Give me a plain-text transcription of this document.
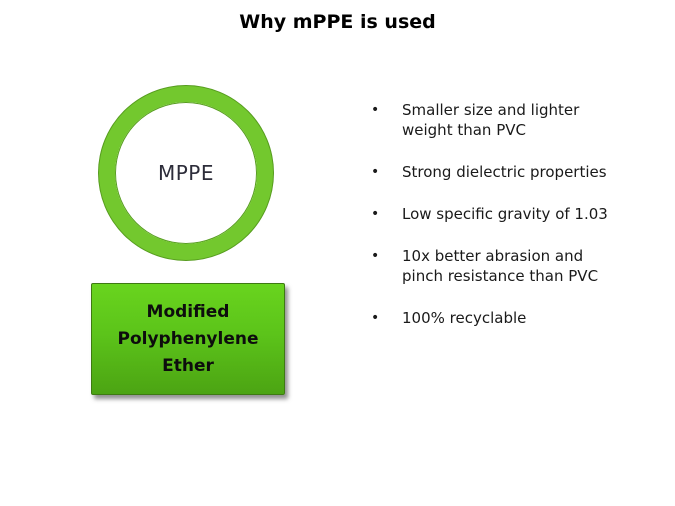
Why mPPE is used
MPPE
Modified
Polyphenylene
Ether
•	Smaller size and lighter weight than PVC
•	Strong dielectric properties
•	Low specific gravity of 1.03
•	10x better abrasion and pinch resistance than PVC
•	100% recyclable
